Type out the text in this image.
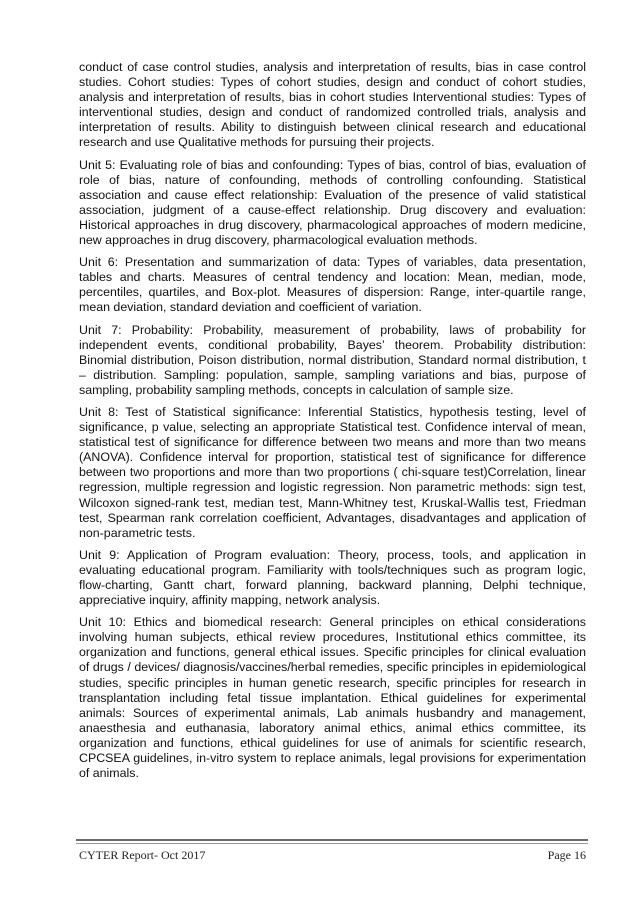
conduct of case control studies, analysis and interpretation of results, bias in case control studies. Cohort studies: Types of cohort studies, design and conduct of cohort studies, analysis and interpretation of results, bias in cohort studies Interventional studies: Types of interventional studies, design and conduct of randomized controlled trials, analysis and interpretation of results. Ability to distinguish between clinical research and educational research and use Qualitative methods for pursuing their projects.

Unit 5: Evaluating role of bias and confounding: Types of bias, control of bias, evaluation of role of bias, nature of confounding, methods of controlling confounding. Statistical association and cause effect relationship: Evaluation of the presence of valid statistical association, judgment of a cause-effect relationship. Drug discovery and evaluation: Historical approaches in drug discovery, pharmacological approaches of modern medicine, new approaches in drug discovery, pharmacological evaluation methods.

Unit 6: Presentation and summarization of data: Types of variables, data presentation, tables and charts. Measures of central tendency and location: Mean, median, mode, percentiles, quartiles, and Box-plot. Measures of dispersion: Range, inter-quartile range, mean deviation, standard deviation and coefficient of variation.

Unit 7: Probability: Probability, measurement of probability, laws of probability for independent events, conditional probability, Bayes’ theorem. Probability distribution: Binomial distribution, Poison distribution, normal distribution, Standard normal distribution, t – distribution. Sampling: population, sample, sampling variations and bias, purpose of sampling, probability sampling methods, concepts in calculation of sample size.

Unit 8: Test of Statistical significance: Inferential Statistics, hypothesis testing, level of significance, p value, selecting an appropriate Statistical test. Confidence interval of mean, statistical test of significance for difference between two means and more than two means (ANOVA). Confidence interval for proportion, statistical test of significance for difference between two proportions and more than two proportions ( chi-square test)Correlation, linear regression, multiple regression and logistic regression. Non parametric methods: sign test, Wilcoxon signed-rank test, median test, Mann-Whitney test, Kruskal-Wallis test, Friedman test, Spearman rank correlation coefficient, Advantages, disadvantages and application of non-parametric tests.

Unit 9: Application of Program evaluation: Theory, process, tools, and application in evaluating educational program. Familiarity with tools/techniques such as program logic, flow-charting, Gantt chart, forward planning, backward planning, Delphi technique, appreciative inquiry, affinity mapping, network analysis.

Unit 10: Ethics and biomedical research: General principles on ethical considerations involving human subjects, ethical review procedures, Institutional ethics committee, its organization and functions, general ethical issues. Specific principles for clinical evaluation of drugs / devices/ diagnosis/vaccines/herbal remedies, specific principles in epidemiological studies, specific principles in human genetic research, specific principles for research in transplantation including fetal tissue implantation. Ethical guidelines for experimental animals: Sources of experimental animals, Lab animals husbandry and management, anaesthesia and euthanasia, laboratory animal ethics, animal ethics committee, its organization and functions, ethical guidelines for use of animals for scientific research, CPCSEA guidelines, in-vitro system to replace animals, legal provisions for experimentation of animals.

CYTER Report- Oct 2017	Page 16
